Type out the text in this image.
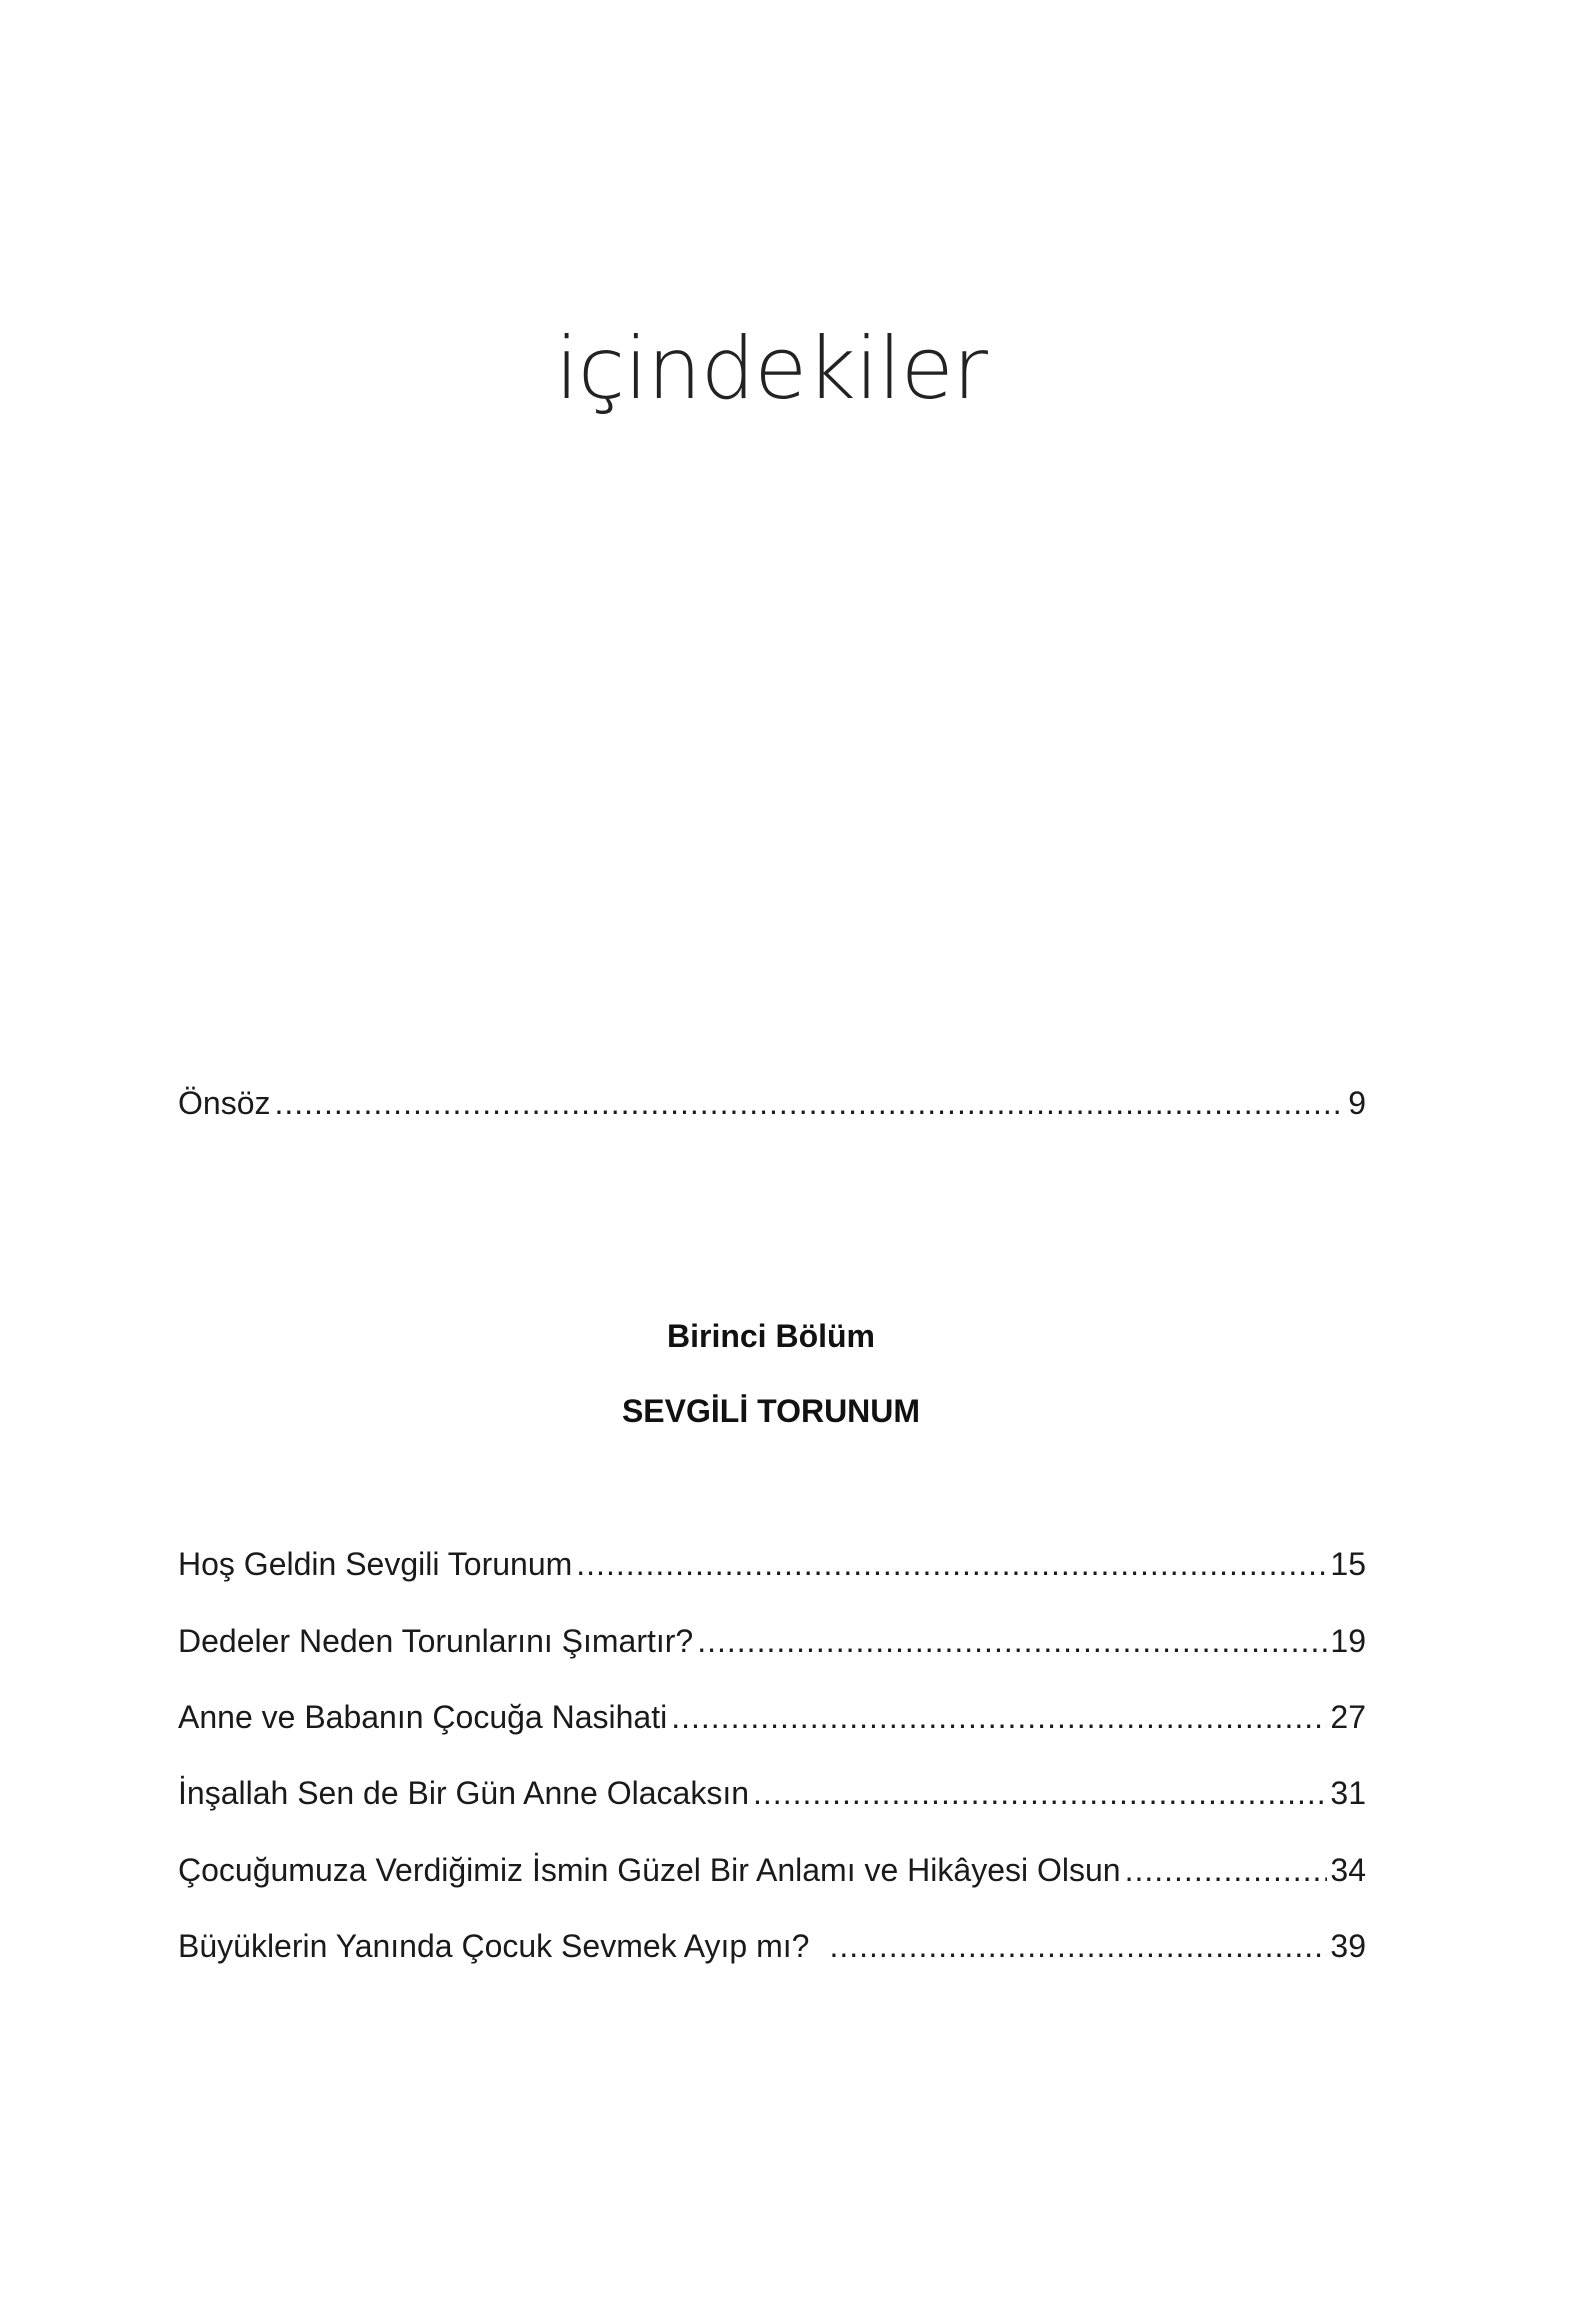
içindekiler
Önsöz .....	9
Birinci Bölüm
SEVGİLİ TORUNUM
Hoş Geldin Sevgili Torunum .....	15
Dedeler Neden Torunlarını Şımartır? .....	19
Anne ve Babanın Çocuğa Nasihati .....	27
İnşallah Sen de Bir Gün Anne Olacaksın .....	31
Çocuğumuza Verdiğimiz İsmin Güzel Bir Anlamı ve Hikâyesi Olsun .....	34
Büyüklerin Yanında Çocuk Sevmek Ayıp mı? .....	39
